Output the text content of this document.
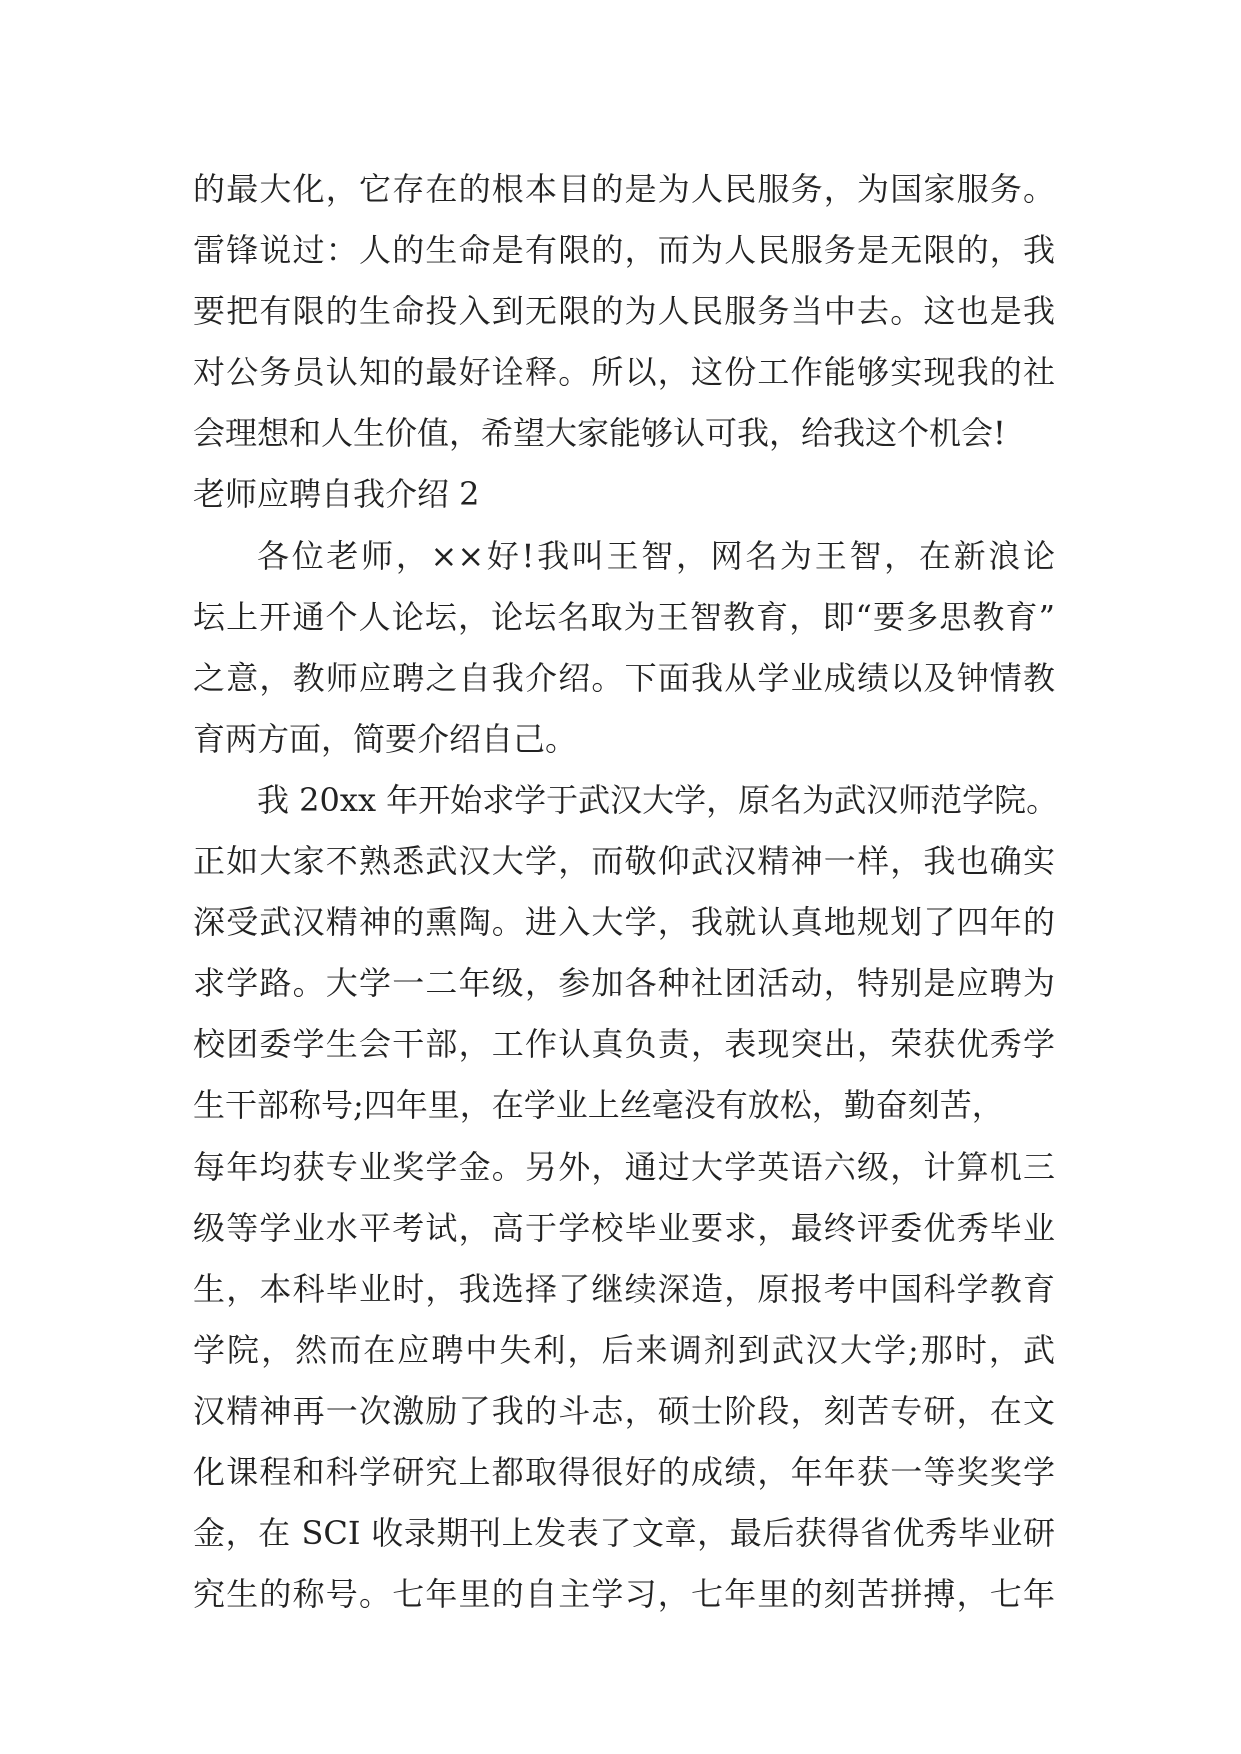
的最大化，它存在的根本目的是为人民服务，为国家服务。
雷锋说过：人的生命是有限的，而为人民服务是无限的，我
要把有限的生命投入到无限的为人民服务当中去。这也是我
对公务员认知的最好诠释。所以，这份工作能够实现我的社
会理想和人生价值，希望大家能够认可我，给我这个机会!
老师应聘自我介绍 2
各位老师，××好!我叫王智，网名为王智，在新浪论
坛上开通个人论坛，论坛名取为王智教育，即“要多思教育”
之意，教师应聘之自我介绍。下面我从学业成绩以及钟情教
育两方面，简要介绍自己。
我 20xx 年开始求学于武汉大学，原名为武汉师范学院。
正如大家不熟悉武汉大学，而敬仰武汉精神一样，我也确实
深受武汉精神的熏陶。进入大学，我就认真地规划了四年的
求学路。大学一二年级，参加各种社团活动，特别是应聘为
校团委学生会干部，工作认真负责，表现突出，荣获优秀学
生干部称号;四年里，在学业上丝毫没有放松，勤奋刻苦，
每年均获专业奖学金。另外，通过大学英语六级，计算机三
级等学业水平考试，高于学校毕业要求，最终评委优秀毕业
生，本科毕业时，我选择了继续深造，原报考中国科学教育
学院，然而在应聘中失利，后来调剂到武汉大学;那时，武
汉精神再一次激励了我的斗志，硕士阶段，刻苦专研，在文
化课程和科学研究上都取得很好的成绩，年年获一等奖奖学
金，在 SCI 收录期刊上发表了文章，最后获得省优秀毕业研
究生的称号。七年里的自主学习，七年里的刻苦拼搏，七年
